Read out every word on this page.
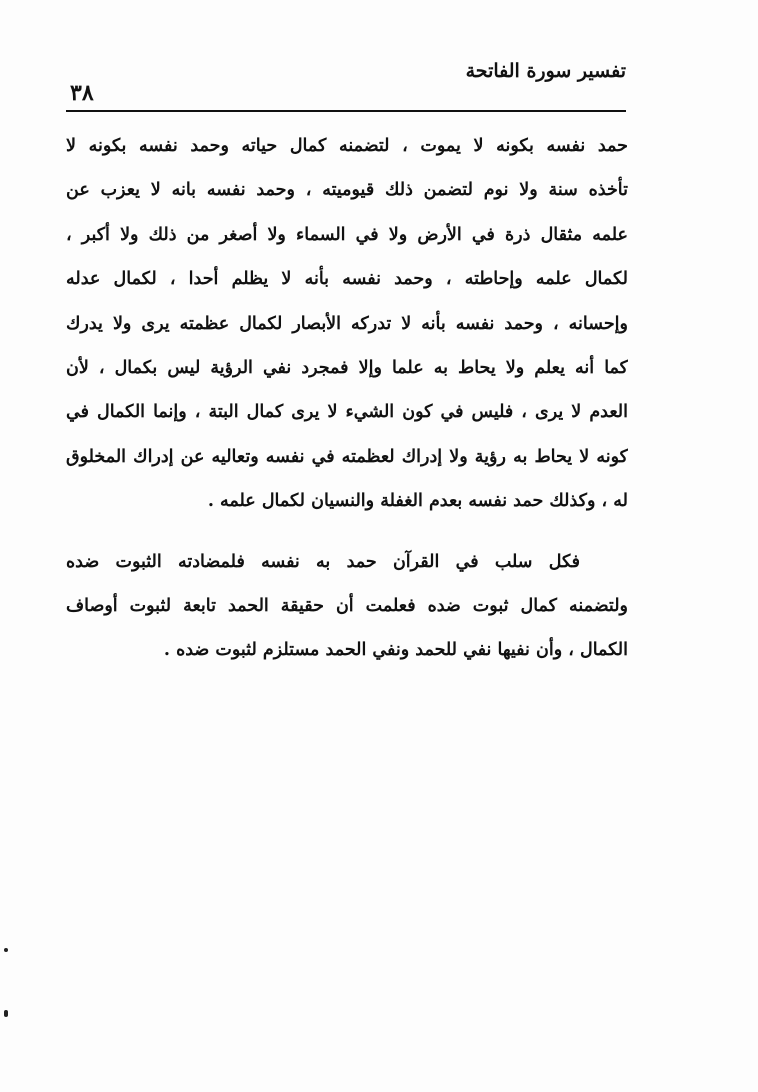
تفسير سورة الفاتحة
٣٨
حمد نفسه بكونه لا يموت ، لتضمنه كمال حياته وحمد نفسه بكونه لا
تأخذه سنة ولا نوم لتضمن ذلك قيوميته ، وحمد نفسه بانه لا يعزب عن
علمه مثقال ذرة في الأرض ولا في السماء ولا أصغر من ذلك ولا أكبر ،
لكمال علمه وإحاطته ، وحمد نفسه بأنه لا يظلم أحدا ، لكمال عدله
وإحسانه ، وحمد نفسه بأنه لا تدركه الأبصار لكمال عظمته يرى ولا يدرك
كما أنه يعلم ولا يحاط به علما وإلا فمجرد نفي الرؤية ليس بكمال ، لأن
العدم لا يرى ، فليس في كون الشيء لا يرى كمال البتة ، وإنما الكمال في
كونه لا يحاط به رؤية ولا إدراك لعظمته في نفسه وتعاليه عن إدراك المخلوق
له ، وكذلك حمد نفسه بعدم الغفلة والنسيان لكمال علمه .
فكل سلب في القرآن حمد به نفسه فلمضادته الثبوت ضده
ولتضمنه كمال ثبوت ضده فعلمت أن حقيقة الحمد تابعة لثبوت أوصاف
الكمال ، وأن نفيها نفي للحمد ونفي الحمد مستلزم لثبوت ضده .
